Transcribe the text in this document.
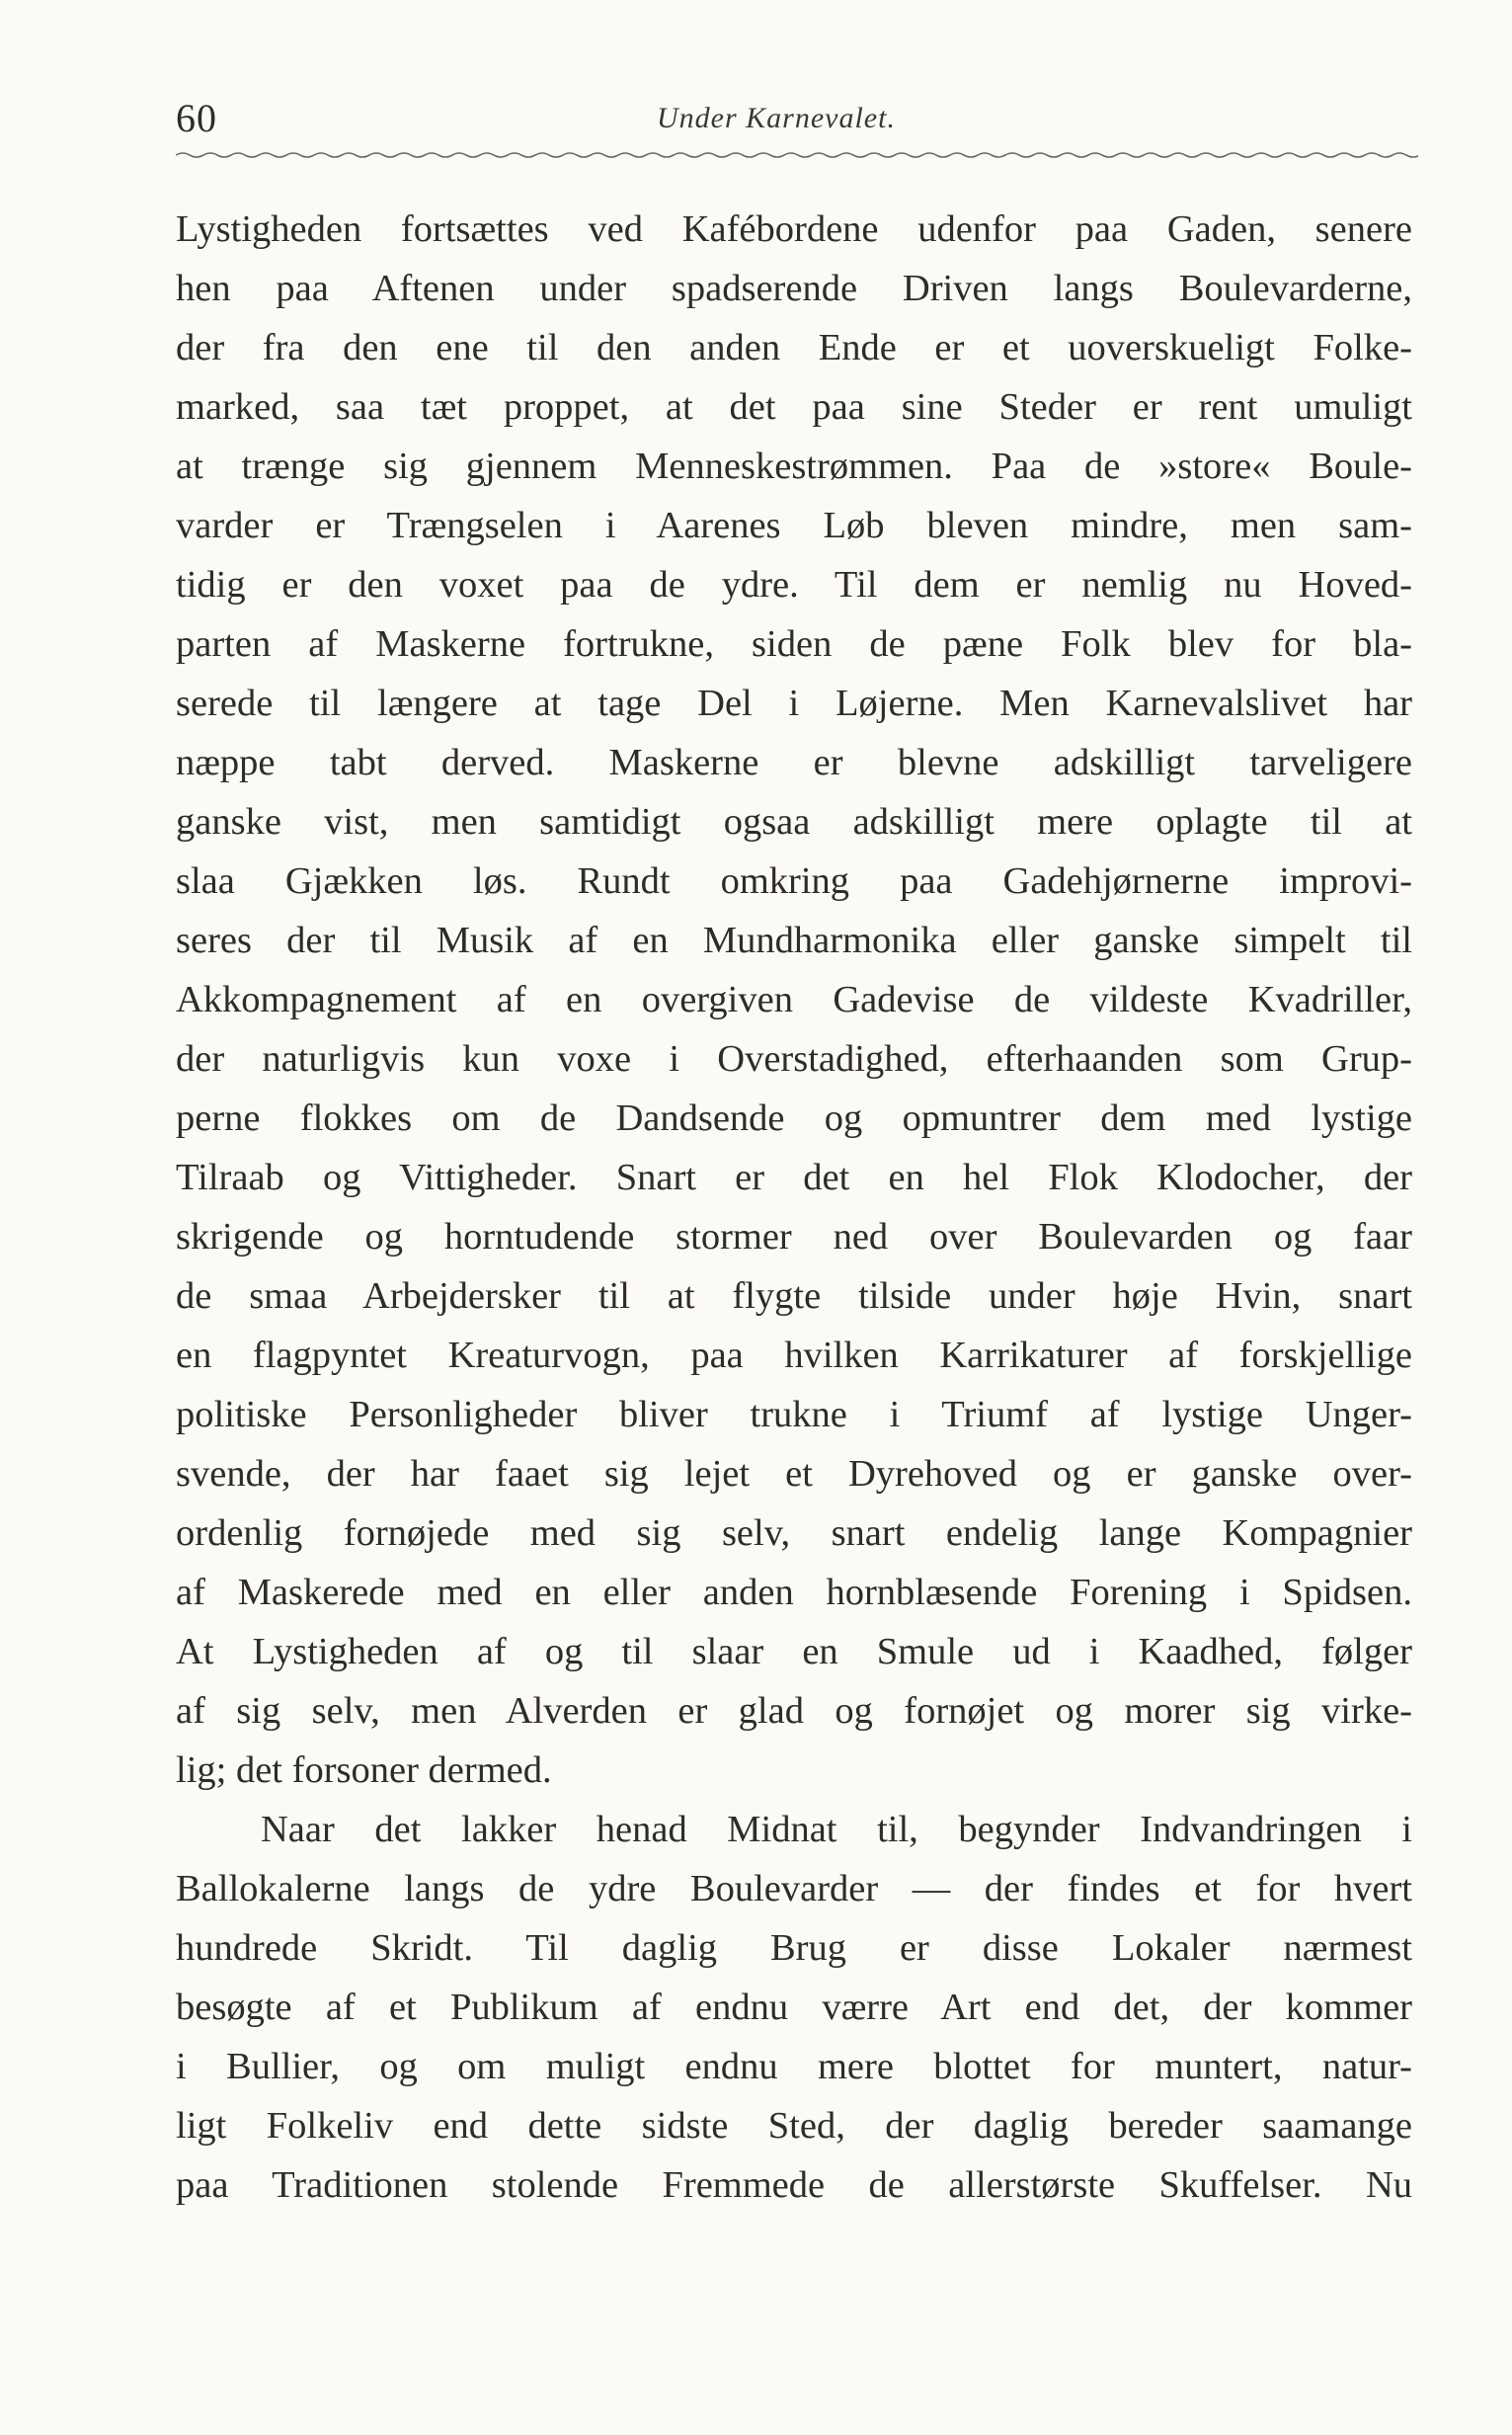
60	Under Karnevalet.
Lystigheden fortsættes ved Kafébordene udenfor paa Gaden, senere
hen paa Aftenen under spadserende Driven langs Boulevarderne,
der fra den ene til den anden Ende er et uoverskueligt Folke-
marked, saa tæt proppet, at det paa sine Steder er rent umuligt
at trænge sig gjennem Menneskestrømmen. Paa de »store« Boule-
varder er Trængselen i Aarenes Løb bleven mindre, men sam-
tidig er den voxet paa de ydre. Til dem er nemlig nu Hoved-
parten af Maskerne fortrukne, siden de pæne Folk blev for bla-
serede til længere at tage Del i Løjerne. Men Karnevalslivet har
næppe tabt derved. Maskerne er blevne adskilligt tarveligere
ganske vist, men samtidigt ogsaa adskilligt mere oplagte til at
slaa Gjækken løs. Rundt omkring paa Gadehjørnerne improvi-
seres der til Musik af en Mundharmonika eller ganske simpelt til
Akkompagnement af en overgiven Gadevise de vildeste Kvadriller,
der naturligvis kun voxe i Overstadighed, efterhaanden som Grup-
perne flokkes om de Dandsende og opmuntrer dem med lystige
Tilraab og Vittigheder. Snart er det en hel Flok Klodocher, der
skrigende og horntudende stormer ned over Boulevarden og faar
de smaa Arbejdersker til at flygte tilside under høje Hvin, snart
en flagpyntet Kreaturvogn, paa hvilken Karrikaturer af forskjellige
politiske Personligheder bliver trukne i Triumf af lystige Unger-
svende, der har faaet sig lejet et Dyrehoved og er ganske over-
ordenlig fornøjede med sig selv, snart endelig lange Kompagnier
af Maskerede med en eller anden hornblæsende Forening i Spidsen.
At Lystigheden af og til slaar en Smule ud i Kaadhed, følger
af sig selv, men Alverden er glad og fornøjet og morer sig virke-
lig; det forsoner dermed.
Naar det lakker henad Midnat til, begynder Indvandringen i
Ballokalerne langs de ydre Boulevarder — der findes et for hvert
hundrede Skridt. Til daglig Brug er disse Lokaler nærmest
besøgte af et Publikum af endnu værre Art end det, der kommer
i Bullier, og om muligt endnu mere blottet for muntert, natur-
ligt Folkeliv end dette sidste Sted, der daglig bereder saamange
paa Traditionen stolende Fremmede de allerstørste Skuffelser. Nu
